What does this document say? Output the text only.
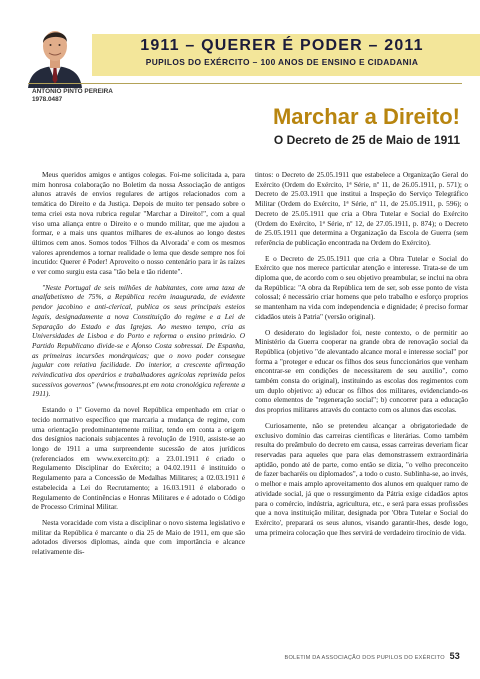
1911 – QUERER É PODER – 2011
PUPILOS DO EXÉRCITO – 100 ANOS DE ENSINO E CIDADANIA
ANTÓNIO PINTO PEREIRA
1978.0487
Marchar a Direito!
O Decreto de 25 de Maio de 1911

Meus queridos amigos e antigos colegas. Foi-me solicitada a, para mim honrosa colaboração no Boletim da nossa Associação de antigos alunos através de envios regulares de artigos relacionados com a temática do Direito e da Justiça. Depois de muito ter pensado sobre o tema criei esta nova rubrica regular "Marchar a Direito!", com a qual viso uma aliança entre o Direito e o mundo militar, que me ajudou a formar, e a mais uns quantos milhares de ex-alunos ao longo destes últimos cem anos. Somos todos 'Filhos da Alvorada' e com os mesmos valores aprendemos a tornar realidade o lema que desde sempre nos foi incutido: Querer é Poder! Aproveito o nosso centenário para ir às raízes e ver como surgiu esta casa "tão bela e tão ridente".

"Neste Portugal de seis milhões de habitantes, com uma taxa de analfabetismo de 75%, a República recém inaugurada, de evidente pendor jacobino e anti-clerical, publica os seus principais esteios legais, designadamente a nova Constituição do regime e a Lei de Separação do Estado e das Igrejas. Ao mesmo tempo, cria as Universidades de Lisboa e do Porto e reforma o ensino primário. O Partido Republicano divide-se e Afonso Costa sobressai. De Espanha, as primeiras incursões monárquicas; que o novo poder consegue jugular com relativa facilidade. Do interior, a crescente afirmação reivindicativa dos operários e trabalhadores agrícolas reprimida pelos sucessivos governos" (www.fmsoares.pt em nota cronológica referente a 1911).

Estando o 1º Governo da novel República empenhado em criar o tecido normativo específico que marcaria a mudança de regime, com uma orientação predominantemente militar, tendo em conta a origem dos desígnios nacionais subjacentes à revolução de 1910, assiste-se ao longo de 1911 a uma surpreendente sucessão de atos jurídicos (referenciados em www.exercito.pt): a 23.01.1911 é criado o Regulamento Disciplinar do Exército; a 04.02.1911 é instituído o Regulamento para a Concessão de Medalhas Militares; a 02.03.1911 é estabelecida a Lei do Recrutamento; a 16.03.1911 é elaborado o Regulamento de Continências e Honras Militares e é adotado o Código de Processo Criminal Militar.

Nesta voracidade com vista a disciplinar o novo sistema legislativo e militar da República é marcante o dia 25 de Maio de 1911, em que são adotados diversos diplomas, ainda que com importância e alcance relativamente dis-

tintos: o Decreto de 25.05.1911 que estabelece a Organização Geral do Exército (Ordem do Exército, 1ª Série, nº 11, de 26.05.1911, p. 571); o Decreto de 25.03.1911 que institui a Inspeção do Serviço Telegráfico Militar (Ordem do Exército, 1ª Série, nº 11, de 25.05.1911, p. 596); o Decreto de 25.05.1911 que cria a Obra Tutelar e Social do Exército (Ordem do Exército, 1ª Série, nº 12, de 27.05.1911, p. 874); o Decreto de 25.05.1911 que determina a Organização da Escola de Guerra (sem referência de publicação encontrada na Ordem do Exército).

E o Decreto de 25.05.1911 que cria a Obra Tutelar e Social do Exército que nos merece particular atenção e interesse. Trata-se de um diploma que, de acordo com o seu objetivo preambular, se inclui na obra da República: "A obra da República tem de ser, sob esse ponto de vista colossal; é necessário criar homens que pelo trabalho e esforço proprios se mantenham na vida com independencia e dignidade; é preciso formar cidadãos uteis à Patria" (versão original).

O desiderato do legislador foi, neste contexto, o de permitir ao Ministério da Guerra cooperar na grande obra de renovação social da República (objetivo "de alevantado alcance moral e interesse social" por forma a "proteger e educar os filhos dos seus funccionários que venham encontrar-se em condições de necessitarem de seu auxilio", como também consta do original), instituindo as escolas dos regimentos com um duplo objetivo: a) educar os filhos dos militares, evidenciando-os como elementos de "regeneração social"; b) concorrer para a educação dos proprios militares através do contacto com os alunos das escolas.

Curiosamente, não se pretendeu alcançar a obrigatoriedade de exclusivo domínio das carreiras científicas e literárias. Como também resulta do preâmbulo do decreto em causa, essas carreiras deveriam ficar reservadas para aqueles que para elas demonstrassem extraordinária aptidão, pondo até de parte, como então se dizia, "o velho preconceito de fazer bacharéis ou diplomados", a todo o custo. Sublinha-se, ao invés, o melhor e mais amplo aproveitamento dos alunos em qualquer ramo de atividade social, já que o ressurgimento da Pátria exige cidadãos aptos para o comércio, indústria, agricultura, etc., e será para essas profissões que a nova instituição militar, designada por 'Obra Tutelar e Social do Exército', preparará os seus alunos, visando garantir-lhes, desde logo, uma primeira colocação que lhes servirá de verdadeiro tirocínio de vida.

BOLETIM DA ASSOCIAÇÃO DOS PUPILOS DO EXÉRCITO 53
